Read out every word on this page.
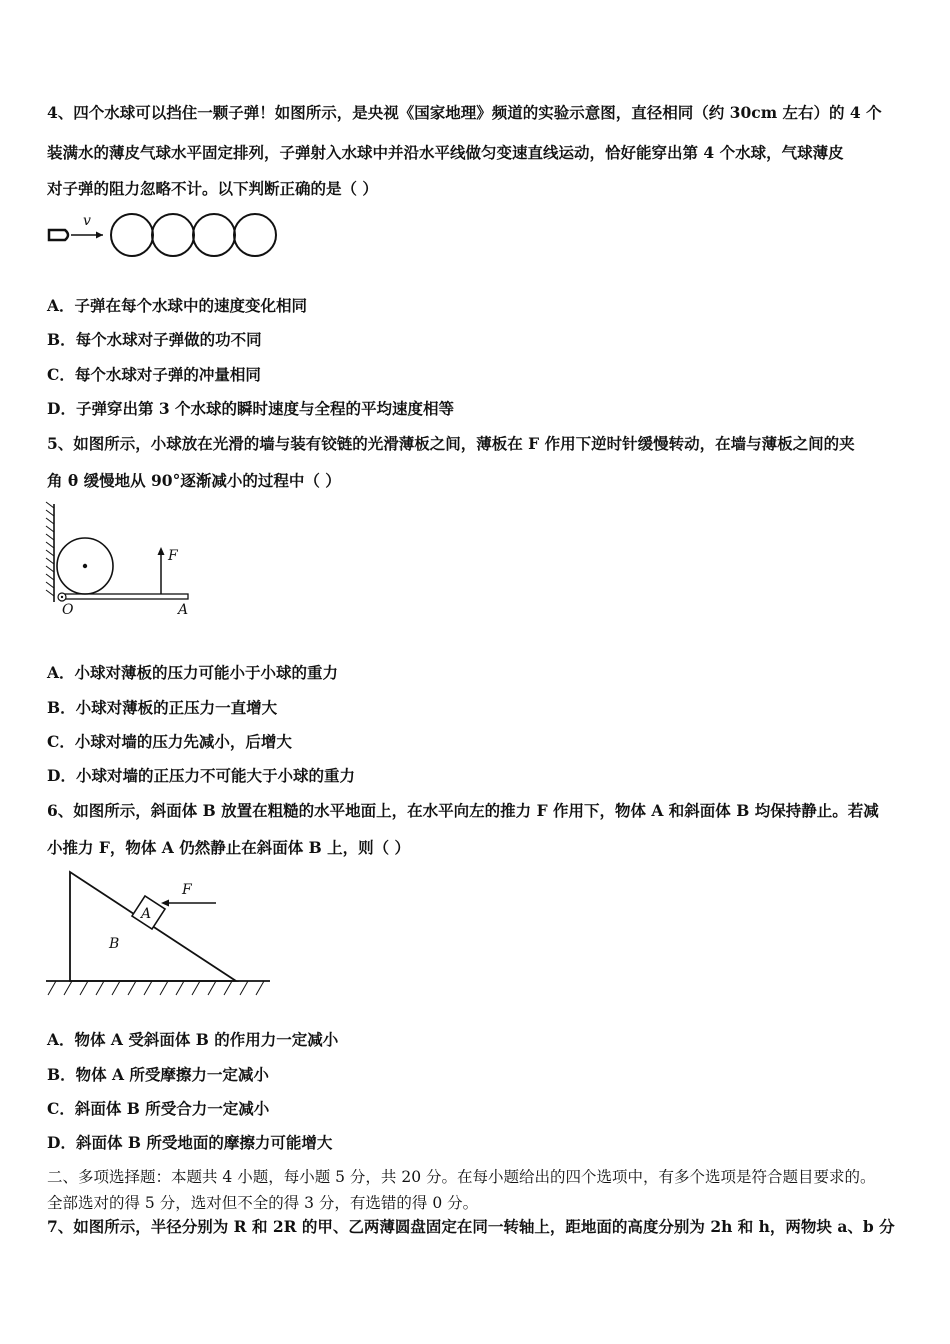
4、四个水球可以挡住一颗子弹！如图所示，是央视《国家地理》频道的实验示意图，直径相同（约 30cm 左右）的 4 个
装满水的薄皮气球水平固定排列，子弹射入水球中并沿水平线做匀变速直线运动，恰好能穿出第 4 个水球，气球薄皮
对子弹的阻力忽略不计。以下判断正确的是（ ）
v
A．子弹在每个水球中的速度变化相同
B．每个水球对子弹做的功不同
C．每个水球对子弹的冲量相同
D．子弹穿出第 3 个水球的瞬时速度与全程的平均速度相等
5、如图所示，小球放在光滑的墙与装有铰链的光滑薄板之间，薄板在 F 作用下逆时针缓慢转动，在墙与薄板之间的夹
角 θ 缓慢地从 90°逐渐减小的过程中（ ）
F
O	A
A．小球对薄板的压力可能小于小球的重力
B．小球对薄板的正压力一直增大
C．小球对墙的压力先减小，后增大
D．小球对墙的正压力不可能大于小球的重力
6、如图所示，斜面体 B 放置在粗糙的水平地面上，在水平向左的推力 F 作用下，物体 A 和斜面体 B 均保持静止。若减
小推力 F，物体 A 仍然静止在斜面体 B 上，则（ ）
A
F
B
A．物体 A 受斜面体 B 的作用力一定减小
B．物体 A 所受摩擦力一定减小
C．斜面体 B 所受合力一定减小
D．斜面体 B 所受地面的摩擦力可能增大
二、多项选择题：本题共 4 小题，每小题 5 分，共 20 分。在每小题给出的四个选项中，有多个选项是符合题目要求的。
全部选对的得 5 分，选对但不全的得 3 分，有选错的得 0 分。
7、如图所示，半径分别为 R 和 2R 的甲、乙两薄圆盘固定在同一转轴上，距地面的高度分别为 2h 和 h，两物块 a、b 分
